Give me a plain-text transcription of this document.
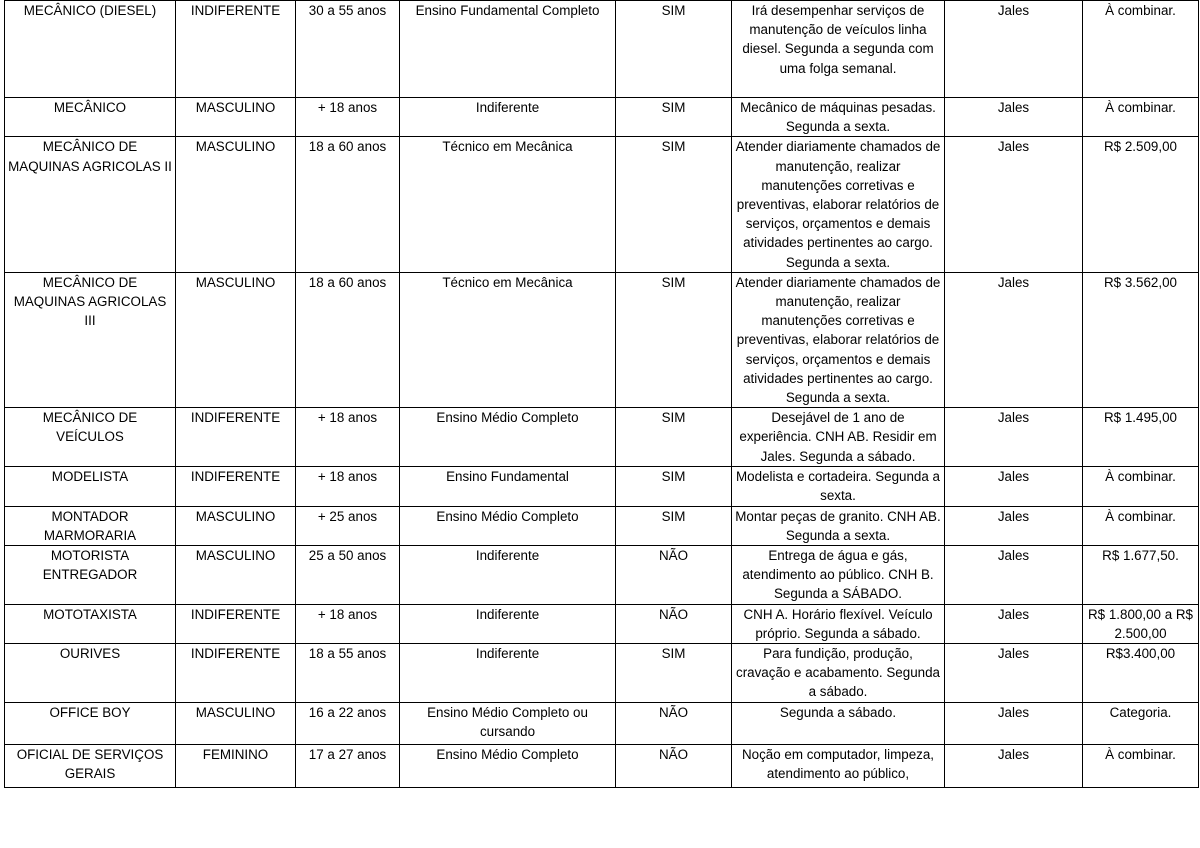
MECÂNICO (DIESEL)	INDIFERENTE	30 a 55 anos	Ensino Fundamental Completo	SIM	Irá desempenhar serviços de manutenção de veículos linha diesel. Segunda a segunda com uma folga semanal.	Jales	À combinar.
MECÂNICO	MASCULINO	+ 18 anos	Indiferente	SIM	Mecânico de máquinas pesadas. Segunda a sexta.	Jales	À combinar.
MECÂNICO DE MAQUINAS AGRICOLAS II	MASCULINO	18 a 60 anos	Técnico em Mecânica	SIM	Atender diariamente chamados de manutenção, realizar manutenções corretivas e preventivas, elaborar relatórios de serviços, orçamentos e demais atividades pertinentes ao cargo. Segunda a sexta.	Jales	R$ 2.509,00
MECÂNICO DE MAQUINAS AGRICOLAS III	MASCULINO	18 a 60 anos	Técnico em Mecânica	SIM	Atender diariamente chamados de manutenção, realizar manutenções corretivas e preventivas, elaborar relatórios de serviços, orçamentos e demais atividades pertinentes ao cargo. Segunda a sexta.	Jales	R$ 3.562,00
MECÂNICO DE VEÍCULOS	INDIFERENTE	+ 18 anos	Ensino Médio Completo	SIM	Desejável de 1 ano de experiência. CNH AB. Residir em Jales. Segunda a sábado.	Jales	R$ 1.495,00
MODELISTA	INDIFERENTE	+ 18 anos	Ensino Fundamental	SIM	Modelista e cortadeira. Segunda a sexta.	Jales	À combinar.
MONTADOR MARMORARIA	MASCULINO	+ 25 anos	Ensino Médio Completo	SIM	Montar peças de granito. CNH AB. Segunda a sexta.	Jales	À combinar.
MOTORISTA ENTREGADOR	MASCULINO	25 a 50 anos	Indiferente	NÃO	Entrega de água e gás, atendimento ao público. CNH B. Segunda a SÁBADO.	Jales	R$ 1.677,50.
MOTOTAXISTA	INDIFERENTE	+ 18 anos	Indiferente	NÃO	CNH A. Horário flexível. Veículo próprio. Segunda a sábado.	Jales	R$ 1.800,00 a R$ 2.500,00
OURIVES	INDIFERENTE	18 a 55 anos	Indiferente	SIM	Para fundição, produção, cravação e acabamento. Segunda a sábado.	Jales	R$3.400,00
OFFICE BOY	MASCULINO	16 a 22 anos	Ensino Médio Completo ou cursando	NÃO	Segunda a sábado.	Jales	Categoria.
OFICIAL DE SERVIÇOS GERAIS	FEMININO	17 a 27 anos	Ensino Médio Completo	NÃO	Noção em computador, limpeza, atendimento ao público,	Jales	À combinar.
